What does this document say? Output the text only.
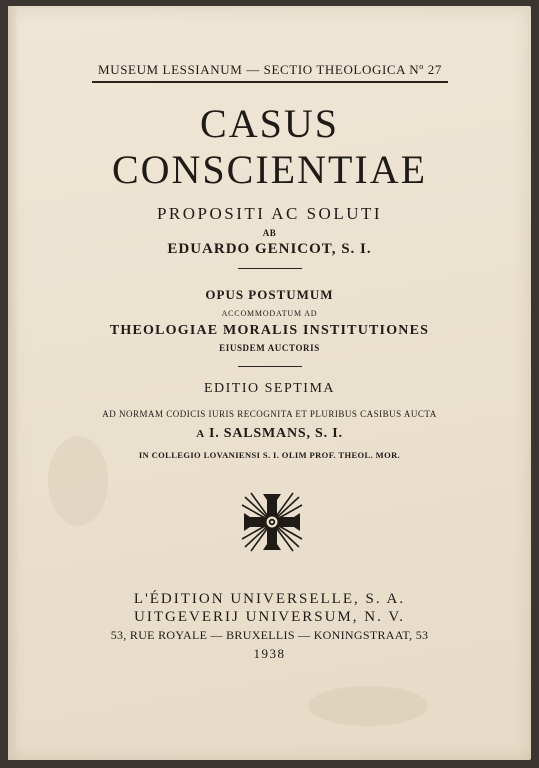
MUSEUM LESSIANUM — SECTIO THEOLOGICA Nº 27
CASUS
CONSCIENTIAE
PROPOSITI AC SOLUTI
AB
EDUARDO GENICOT, S. I.
OPUS POSTUMUM
ACCOMMODATUM AD
THEOLOGIAE MORALIS INSTITUTIONES
EIUSDEM AUCTORIS
EDITIO SEPTIMA
AD NORMAM CODICIS IURIS RECOGNITA ET PLURIBUS CASIBUS AUCTA
A I. SALSMANS, S. I.
IN COLLEGIO LOVANIENSI S. I. OLIM PROF. THEOL. MOR.
L'ÉDITION UNIVERSELLE, S. A.
UITGEVERIJ UNIVERSUM, N. V.
53, RUE ROYALE — BRUXELLIS — KONINGSTRAAT, 53
1938
